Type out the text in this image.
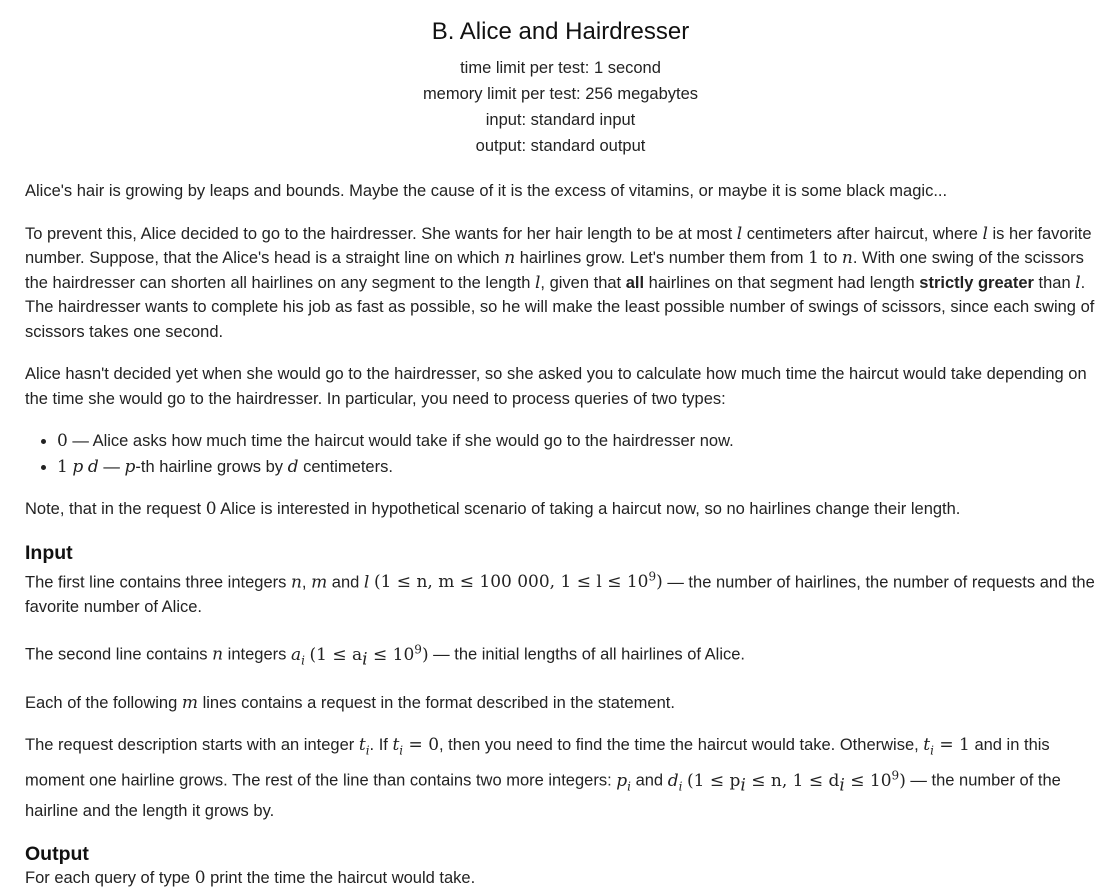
B. Alice and Hairdresser
time limit per test: 1 second
memory limit per test: 256 megabytes
input: standard input
output: standard output

Alice's hair is growing by leaps and bounds. Maybe the cause of it is the excess of vitamins, or maybe it is some black magic...

To prevent this, Alice decided to go to the hairdresser. She wants for her hair length to be at most l centimeters after haircut, where l is her favorite number. Suppose, that the Alice's head is a straight line on which n hairlines grow. Let's number them from 1 to n. With one swing of the scissors the hairdresser can shorten all hairlines on any segment to the length l, given that all hairlines on that segment had length strictly greater than l. The hairdresser wants to complete his job as fast as possible, so he will make the least possible number of swings of scissors, since each swing of scissors takes one second.

Alice hasn't decided yet when she would go to the hairdresser, so she asked you to calculate how much time the haircut would take depending on the time she would go to the hairdresser. In particular, you need to process queries of two types:

• 0 — Alice asks how much time the haircut would take if she would go to the hairdresser now.
• 1 p d — p-th hairline grows by d centimeters.

Note, that in the request 0 Alice is interested in hypothetical scenario of taking a haircut now, so no hairlines change their length.

Input

The first line contains three integers n, m and l (1 ≤ n, m ≤ 100 000, $1 \le l \le 10^9$) — the number of hairlines, the number of requests and the favorite number of Alice.

The second line contains n integers $a_i$ $(1 \le a_i \le 10^9)$ — the initial lengths of all hairlines of Alice.

Each of the following m lines contains a request in the format described in the statement.

The request description starts with an integer $t_i$. If $t_i = 0$, then you need to find the time the haircut would take. Otherwise, $t_i = 1$ and in this moment one hairline grows. The rest of the line than contains two more integers: $p_i$ and $d_i$ ($1 \le p_i \le n$, $1 \le d_i \le 10^9$) — the number of the hairline and the length it grows by.

Output

For each query of type 0 print the time the haircut would take.
